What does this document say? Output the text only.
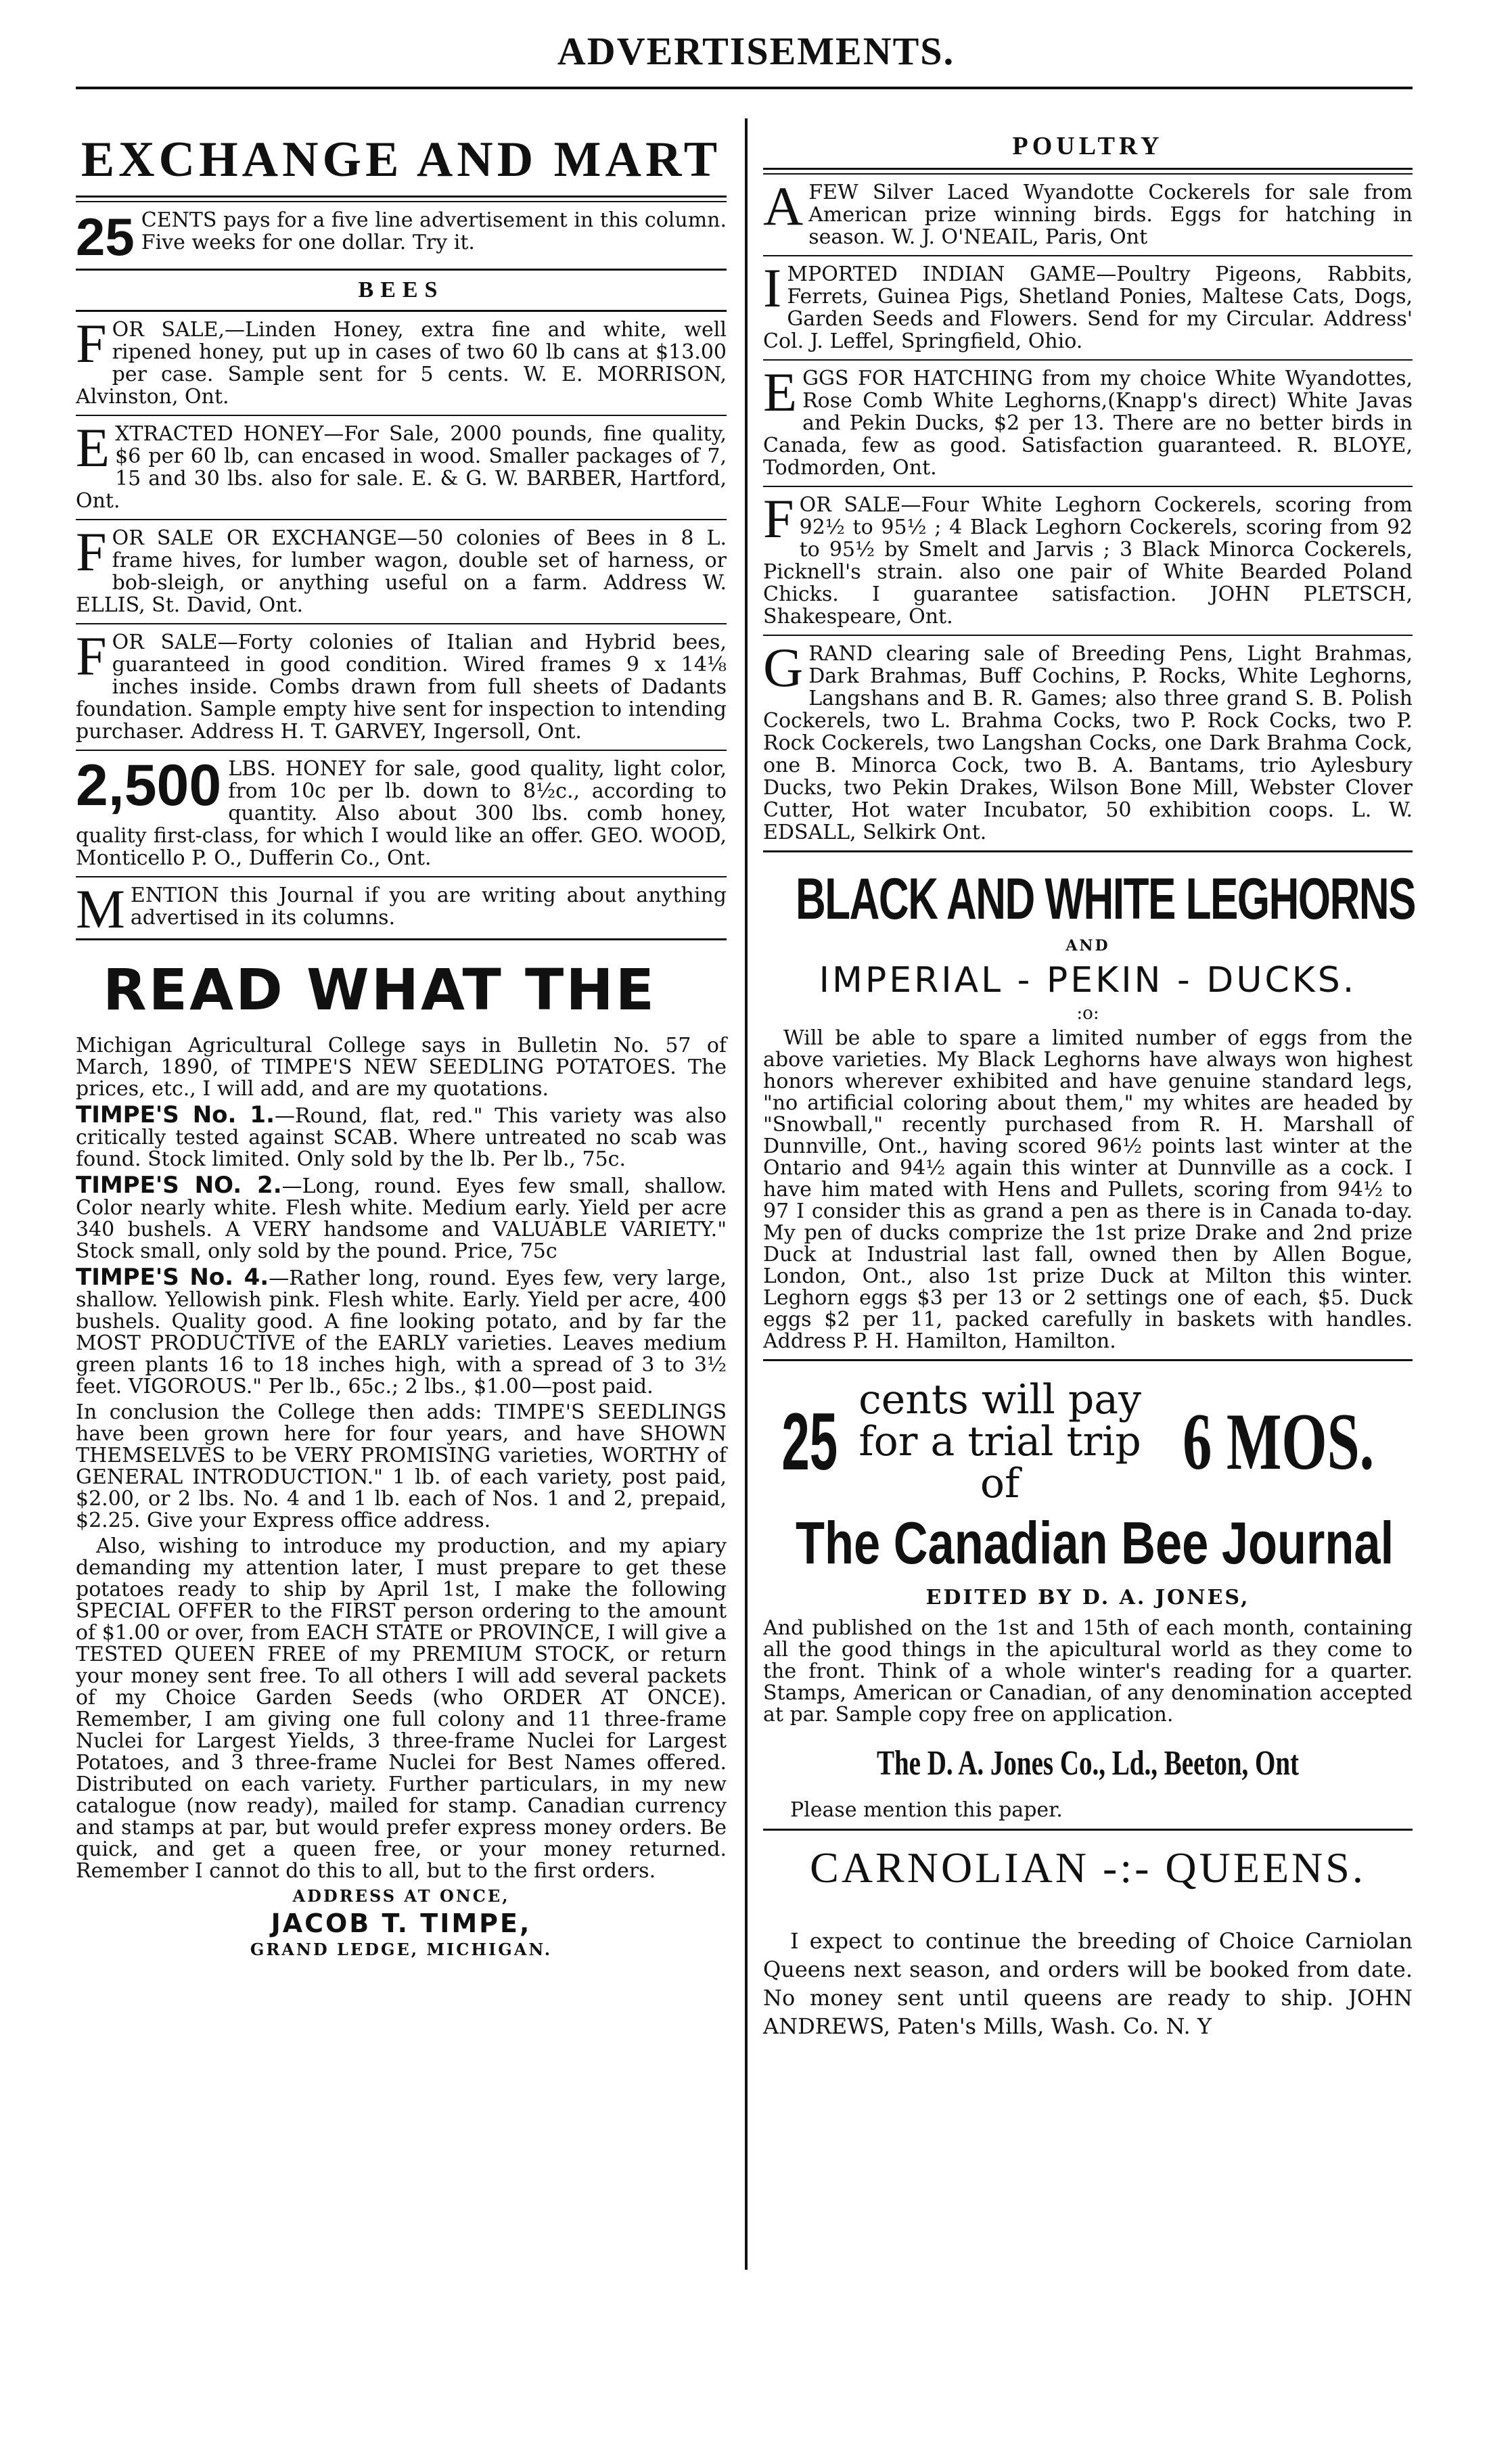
ADVERTISEMENTS.
EXCHANGE AND MART
25 CENTS pays for a five line advertisement in this column. Five weeks for one dollar. Try it.
BEES
F OR SALE,—Linden Honey, extra fine and white, well ripened honey, put up in cases of two 60 lb cans at $13.00 per case. Sample sent for 5 cents. W. E. MORRISON, Alvinston, Ont.
E XTRACTED HONEY—For Sale, 2000 pounds, fine quality, $6 per 60 lb, can encased in wood. Smaller packages of 7, 15 and 30 lbs. also for sale. E. & G. W. BARBER, Hartford, Ont.
F OR SALE OR EXCHANGE—50 colonies of Bees in 8 L. frame hives, for lumber wagon, double set of harness, or bob-sleigh, or anything useful on a farm. Address W. ELLIS, St. David, Ont.
F OR SALE—Forty colonies of Italian and Hybrid bees, guaranteed in good condition. Wired frames 9 x 14⅛ inches inside. Combs drawn from full sheets of Dadants foundation. Sample empty hive sent for inspection to intending purchaser. Address H. T. GARVEY, Ingersoll, Ont.
2,500 LBS. HONEY for sale, good quality, light color, from 10c per lb. down to 8½c., according to quantity. Also about 300 lbs. comb honey, quality first-class, for which I would like an offer. GEO. WOOD, Monticello P. O., Dufferin Co., Ont.
M ENTION this Journal if you are writing about anything advertised in its columns.
READ WHAT THE

Michigan Agricultural College says in Bulletin No. 57 of March, 1890, of TIMPE'S NEW SEEDLING POTATOES. The prices, etc., I will add, and are my quotations.

TIMPE'S No. 1.—Round, flat, red." This variety was also critically tested against SCAB. Where untreated no scab was found. Stock limited. Only sold by the lb. Per lb., 75c.

TIMPE'S NO. 2.—Long, round. Eyes few small, shallow. Color nearly white. Flesh white. Medium early. Yield per acre 340 bushels. A VERY handsome and VALUABLE VARIETY." Stock small, only sold by the pound. Price, 75c

TIMPE'S No. 4.—Rather long, round. Eyes few, very large, shallow. Yellowish pink. Flesh white. Early. Yield per acre, 400 bushels. Quality good. A fine looking potato, and by far the MOST PRODUCTIVE of the EARLY varieties. Leaves medium green plants 16 to 18 inches high, with a spread of 3 to 3½ feet. VIGOROUS." Per lb., 65c.; 2 lbs., $1.00—post paid.

In conclusion the College then adds: TIMPE'S SEEDLINGS have been grown here for four years, and have SHOWN THEMSELVES to be VERY PROMISING varieties, WORTHY of GENERAL INTRODUCTION." 1 lb. of each variety, post paid, $2.00, or 2 lbs. No. 4 and 1 lb. each of Nos. 1 and 2, prepaid, $2.25. Give your Express office address.

Also, wishing to introduce my production, and my apiary demanding my attention later, I must prepare to get these potatoes ready to ship by April 1st, I make the following SPECIAL OFFER to the FIRST person ordering to the amount of $1.00 or over, from EACH STATE or PROVINCE, I will give a TESTED QUEEN FREE of my PREMIUM STOCK, or return your money sent free. To all others I will add several packets of my Choice Garden Seeds (who ORDER AT ONCE). Remember, I am giving one full colony and 11 three-frame Nuclei for Largest Yields, 3 three-frame Nuclei for Largest Potatoes, and 3 three-frame Nuclei for Best Names offered. Distributed on each variety. Further particulars, in my new catalogue (now ready), mailed for stamp. Canadian currency and stamps at par, but would prefer express money orders. Be quick, and get a queen free, or your money returned. Remember I cannot do this to all, but to the first orders.

ADDRESS AT ONCE,
JACOB T. TIMPE,
GRAND LEDGE, MICHIGAN.
POULTRY
A FEW Silver Laced Wyandotte Cockerels for sale from American prize winning birds. Eggs for hatching in season. W. J. O'NEAIL, Paris, Ont
I MPORTED INDIAN GAME—Poultry Pigeons, Rabbits, Ferrets, Guinea Pigs, Shetland Ponies, Maltese Cats, Dogs, Garden Seeds and Flowers. Send for my Circular. Address' Col. J. Leffel, Springfield, Ohio.
E GGS FOR HATCHING from my choice White Wyandottes, Rose Comb White Leghorns,(Knapp's direct) White Javas and Pekin Ducks, $2 per 13. There are no better birds in Canada, few as good. Satisfaction guaranteed. R. BLOYE, Todmorden, Ont.
F OR SALE—Four White Leghorn Cockerels, scoring from 92½ to 95½ ; 4 Black Leghorn Cockerels, scoring from 92 to 95½ by Smelt and Jarvis ; 3 Black Minorca Cockerels, Picknell's strain. also one pair of White Bearded Poland Chicks. I guarantee satisfaction. JOHN PLETSCH, Shakespeare, Ont.
G RAND clearing sale of Breeding Pens, Light Brahmas, Dark Brahmas, Buff Cochins, P. Rocks, White Leghorns, Langshans and B. R. Games; also three grand S. B. Polish Cockerels, two L. Brahma Cocks, two P. Rock Cocks, two P. Rock Cockerels, two Langshan Cocks, one Dark Brahma Cock, one B. Minorca Cock, two B. A. Bantams, trio Aylesbury Ducks, two Pekin Drakes, Wilson Bone Mill, Webster Clover Cutter, Hot water Incubator, 50 exhibition coops. L. W. EDSALL, Selkirk Ont.
BLACK AND WHITE LEGHORNS
AND
IMPERIAL - PEKIN - DUCKS.
:o:

Will be able to spare a limited number of eggs from the above varieties. My Black Leghorns have always won highest honors wherever exhibited and have genuine standard legs, "no artificial coloring about them," my whites are headed by "Snowball," recently purchased from R. H. Marshall of Dunnville, Ont., having scored 96½ points last winter at the Ontario and 94½ again this winter at Dunnville as a cock. I have him mated with Hens and Pullets, scoring from 94½ to 97 I consider this as grand a pen as there is in Canada to-day. My pen of ducks comprize the 1st prize Drake and 2nd prize Duck at Industrial last fall, owned then by Allen Bogue, London, Ont., also 1st prize Duck at Milton this winter. Leghorn eggs $3 per 13 or 2 settings one of each, $5. Duck eggs $2 per 11, packed carefully in baskets with handles. Address P. H. Hamilton, Hamilton.

25 cents will pay for a trial trip of	6 MOS.
The Canadian Bee Journal
EDITED BY D. A. JONES,

And published on the 1st and 15th of each month, containing all the good things in the apicultural world as they come to the front. Think of a whole winter's reading for a quarter. Stamps, American or Canadian, of any denomination accepted at par. Sample copy free on application.

The D. A. Jones Co., Ld., Beeton, Ont
Please mention this paper.
CARNOLIAN -:- QUEENS.

I expect to continue the breeding of Choice Carniolan Queens next season, and orders will be booked from date. No money sent until queens are ready to ship. JOHN ANDREWS, Paten's Mills, Wash. Co. N. Y
